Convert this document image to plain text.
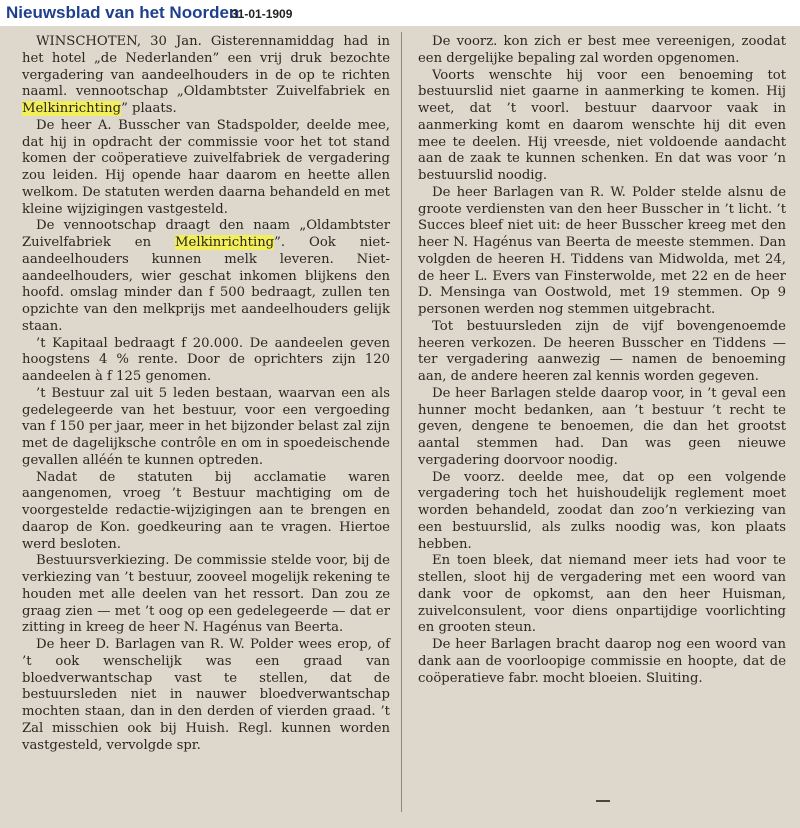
Nieuwsblad van het Noorden
31-01-1909

WINSCHOTEN, 30 Jan. Gisterennamiddag had in het hotel „de Nederlanden” een vrij druk bezochte vergadering van aandeelhouders in de op te richten naaml. vennootschap „Oldambtster Zuivelfabriek en Melkinrichting” plaats.

De heer A. Busscher van Stadspolder, deelde mee, dat hij in opdracht der commissie voor het tot stand komen der coöperatieve zuivelfabriek de vergadering zou leiden. Hij opende haar daarom en heette allen welkom. De statuten werden daarna behandeld en met kleine wijzigingen vastgesteld.

De vennootschap draagt den naam „Oldambtster Zuivelfabriek en Melkinrichting”. Ook niet-aandeelhouders kunnen melk leveren. Niet-aandeelhouders, wier geschat inkomen blijkens den hoofd. omslag minder dan f 500 bedraagt, zullen ten opzichte van den melkprijs met aandeelhouders gelijk staan.

’t Kapitaal bedraagt f 20.000. De aandeelen geven hoogstens 4 % rente. Door de oprichters zijn 120 aandeelen à f 125 genomen.

’t Bestuur zal uit 5 leden bestaan, waarvan een als gedelegeerde van het bestuur, voor een vergoeding van f 150 per jaar, meer in het bijzonder belast zal zijn met de dagelijksche contrôle en om in spoedeischende gevallen alléén te kunnen optreden.

Nadat de statuten bij acclamatie waren aangenomen, vroeg ’t Bestuur machtiging om de voorgestelde redactie-wijzigingen aan te brengen en daarop de Kon. goedkeuring aan te vragen. Hiertoe werd besloten.

Bestuursverkiezing. De commissie stelde voor, bij de verkiezing van ’t bestuur, zooveel mogelijk rekening te houden met alle deelen van het ressort. Dan zou ze graag zien — met ’t oog op een gedelegeerde — dat er zitting in kreeg de heer N. Hagénus van Beerta.

De heer D. Barlagen van R. W. Polder wees erop, of ’t ook wenschelijk was een graad van bloedverwantschap vast te stellen, dat de bestuursleden niet in nauwer bloedverwantschap mochten staan, dan in den derden of vierden graad. ’t Zal misschien ook bij Huish. Regl. kunnen worden vastgesteld, vervolgde spr.

De voorz. kon zich er best mee vereenigen, zoodat een dergelijke bepaling zal worden opgenomen.

Voorts wenschte hij voor een benoeming tot bestuurslid niet gaarne in aanmerking te komen. Hij weet, dat ’t voorl. bestuur daarvoor vaak in aanmerking komt en daarom wenschte hij dit even mee te deelen. Hij vreesde, niet voldoende aandacht aan de zaak te kunnen schenken. En dat was voor ’n bestuurslid noodig.

De heer Barlagen van R. W. Polder stelde alsnu de groote verdiensten van den heer Busscher in ’t licht. ’t Succes bleef niet uit: de heer Busscher kreeg met den heer N. Hagénus van Beerta de meeste stemmen. Dan volgden de heeren H. Tiddens van Midwolda, met 24, de heer L. Evers van Finsterwolde, met 22 en de heer D. Mensinga van Oostwold, met 19 stemmen. Op 9 personen werden nog stemmen uitgebracht.

Tot bestuursleden zijn de vijf bovengenoemde heeren verkozen. De heeren Busscher en Tiddens — ter vergadering aanwezig — namen de benoeming aan, de andere heeren zal kennis worden gegeven.

De heer Barlagen stelde daarop voor, in ’t geval een hunner mocht bedanken, aan ’t bestuur ’t recht te geven, dengene te benoemen, die dan het grootst aantal stemmen had. Dan was geen nieuwe vergadering doorvoor noodig.

De voorz. deelde mee, dat op een volgende vergadering toch het huishoudelijk reglement moet worden behandeld, zoodat dan zoo’n verkiezing van een bestuurslid, als zulks noodig was, kon plaats hebben.

En toen bleek, dat niemand meer iets had voor te stellen, sloot hij de vergadering met een woord van dank voor de opkomst, aan den heer Huisman, zuivelconsulent, voor diens onpartijdige voorlichting en grooten steun.

De heer Barlagen bracht daarop nog een woord van dank aan de voorloopige commissie en hoopte, dat de coöperatieve fabr. mocht bloeien. Sluiting.
